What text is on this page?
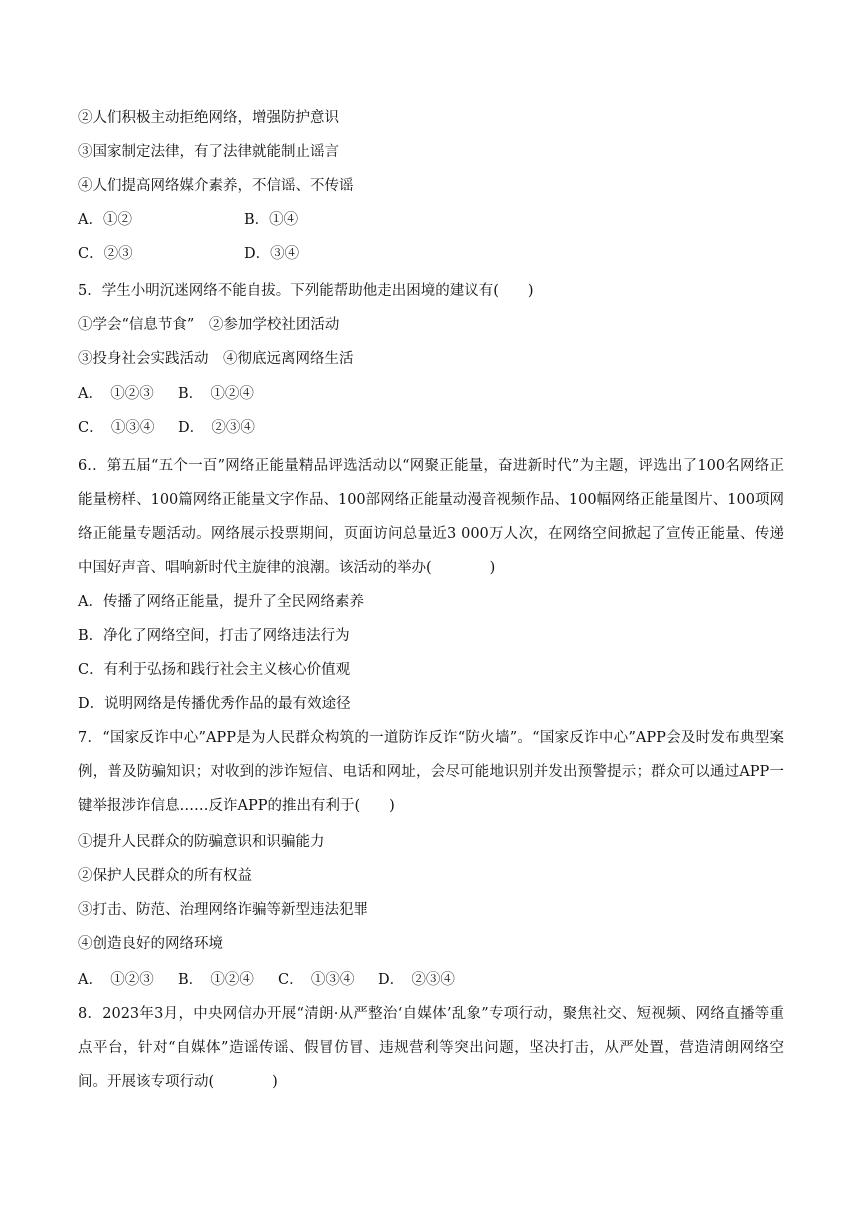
②人们积极主动拒绝网络，增强防护意识
③国家制定法律，有了法律就能制止谣言
④人们提高网络媒介素养，不信谣、不传谣
A．①②	B．①④
C．②③	D．③④
5．学生小明沉迷网络不能自拔。下列能帮助他走出困境的建议有(　　)
①学会“信息节食”　②参加学校社团活动
③投身社会实践活动　④彻底远离网络生活
A．　①②③ B．　①②④
C．　①③④ D．　②③④
6.．第五届“五个一百”网络正能量精品评选活动以“网聚正能量，奋进新时代”为主题，评选出了100名网络正能量榜样、100篇网络正能量文字作品、100部网络正能量动漫音视频作品、100幅网络正能量图片、100项网络正能量专题活动。网络展示投票期间，页面访问总量近3 000万人次，在网络空间掀起了宣传正能量、传递中国好声音、唱响新时代主旋律的浪潮。该活动的举办(　　　　)
A．传播了网络正能量，提升了全民网络素养
B．净化了网络空间，打击了网络违法行为
C．有利于弘扬和践行社会主义核心价值观
D．说明网络是传播优秀作品的最有效途径
7．“国家反诈中心”APP是为人民群众构筑的一道防诈反诈“防火墙”。“国家反诈中心”APP会及时发布典型案例，普及防骗知识；对收到的涉诈短信、电话和网址，会尽可能地识别并发出预警提示；群众可以通过APP一键举报涉诈信息……反诈APP的推出有利于(　　)
①提升人民群众的防骗意识和识骗能力
②保护人民群众的所有权益
③打击、防范、治理网络诈骗等新型违法犯罪
④创造良好的网络环境
A．　①②③ B．　①②④ C．　①③④ D．　②③④
8．2023年3月，中央网信办开展“清朗·从严整治‘自媒体’乱象”专项行动，聚焦社交、短视频、网络直播等重点平台，针对“自媒体”造谣传谣、假冒仿冒、违规营利等突出问题，坚决打击，从严处置，营造清朗网络空间。开展该专项行动(　　　　)
